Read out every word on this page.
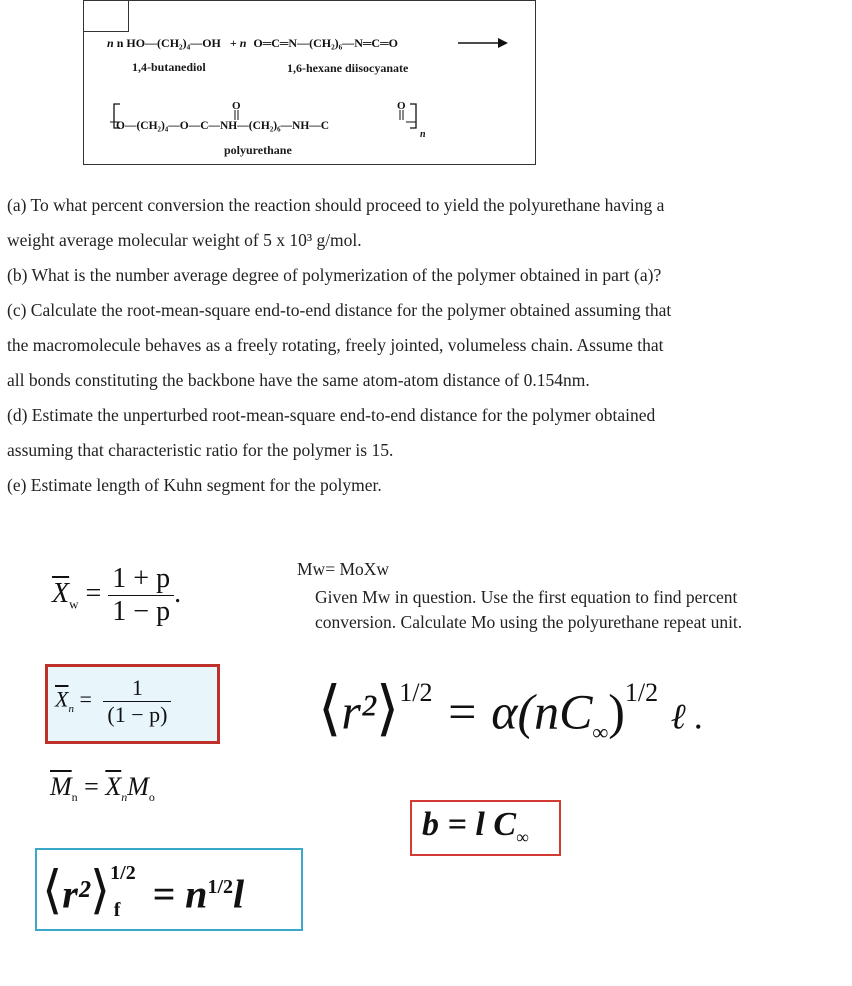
n n HO—(CH₂)₄—OH + n O═C═N—(CH₂)₆—N═C═O
1,4-butanediol	1,6-hexane diisocyanate
O	O
O—(CH₂)₄—O—C—NH—(CH₂)₆—NH—C
n
polyurethane
(a) To what percent conversion the reaction should proceed to yield the polyurethane having a
weight average molecular weight of 5 x 10³ g/mol.
(b) What is the number average degree of polymerization of the polymer obtained in part (a)?
(c) Calculate the root-mean-square end-to-end distance for the polymer obtained assuming that
the macromolecule behaves as a freely rotating, freely jointed, volumeless chain. Assume that
all bonds constituting the backbone have the same atom-atom distance of 0.154nm.
(d) Estimate the unperturbed root-mean-square end-to-end distance for the polymer obtained
assuming that characteristic ratio for the polymer is 15.
(e) Estimate length of Kuhn segment for the polymer.
$\overline{X}_w = \frac{1 + p}{1 - p}$ .
Mw= MoXw
Given Mw in question. Use the first equation to find percent
conversion. Calculate Mo using the polyurethane repeat unit.
$\overline{X}_n = \frac{1}{(1 - p)}$ ⟨r²⟩$^{1/2}$ = $\alpha(nC_\infty)^{1/2}$ ℓ .
$\overline{M}_n = \overline{X}_nM_o$
b = l $C_\infty$
⟨r²⟩$^{1/2}_f$ = $n^{1/2}l$
